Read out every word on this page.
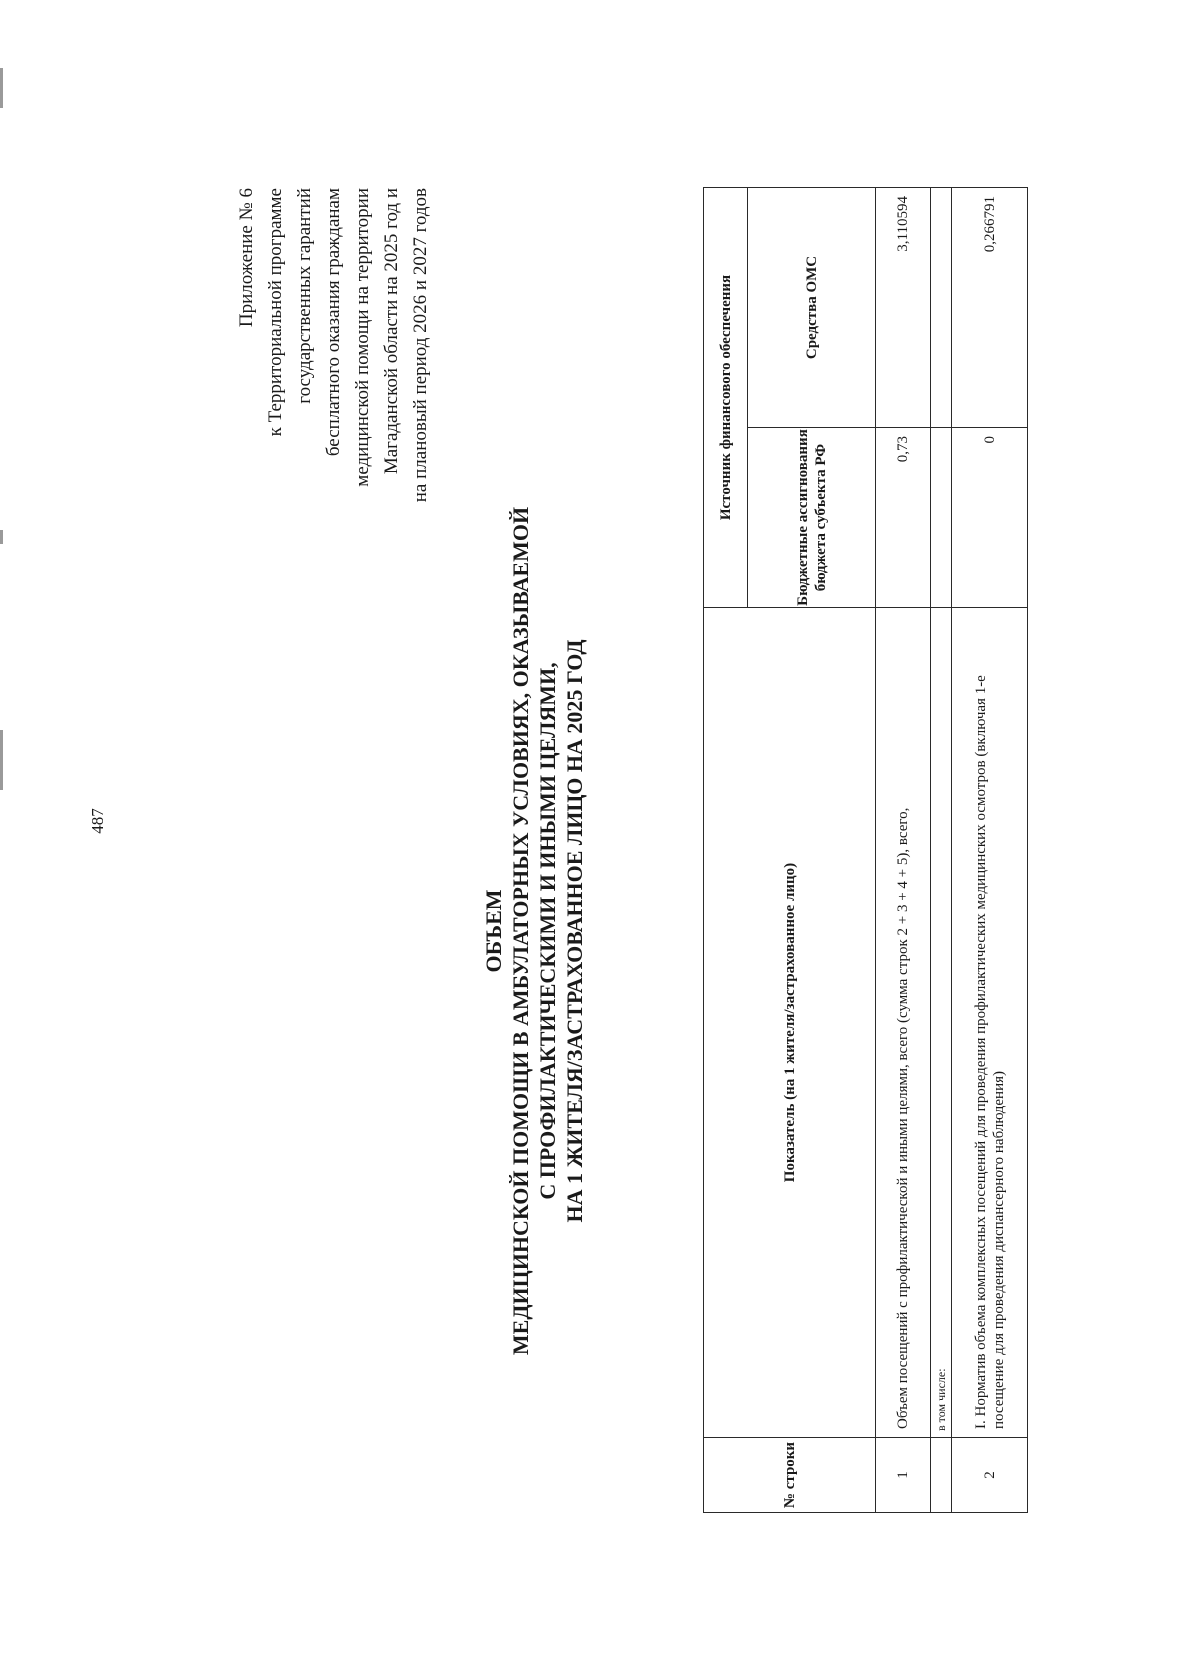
487
Приложение № 6 к Территориальной программе государственных гарантий бесплатного оказания гражданам медицинской помощи на территории Магаданской области на 2025 год и на плановый период 2026 и 2027 годов
ОБЪЕМ МЕДИЦИНСКОЙ ПОМОЩИ В АМБУЛАТОРНЫХ УСЛОВИЯХ, ОКАЗЫВАЕМОЙ С ПРОФИЛАКТИЧЕСКИМИ И ИНЫМИ ЦЕЛЯМИ, НА 1 ЖИТЕЛЯ/ЗАСТРАХОВАННОЕ ЛИЦО НА 2025 ГОД
№ строки	Показатель (на 1 жителя/застрахованное лицо)	Источник финансового обеспечения	
		Бюджетные ассигнования бюджета субъекта РФ	Средства ОМС
1	Объем посещений с профилактической и иными целями, всего (сумма строк 2 + 3 + 4 + 5), всего,	0,73	3,110594
	в том числе:		
2	I. Норматив объема комплексных посещений для проведения профилактических медицинских осмотров (включая 1-е посещение для проведения диспансерного наблюдения)	0	0,266791
